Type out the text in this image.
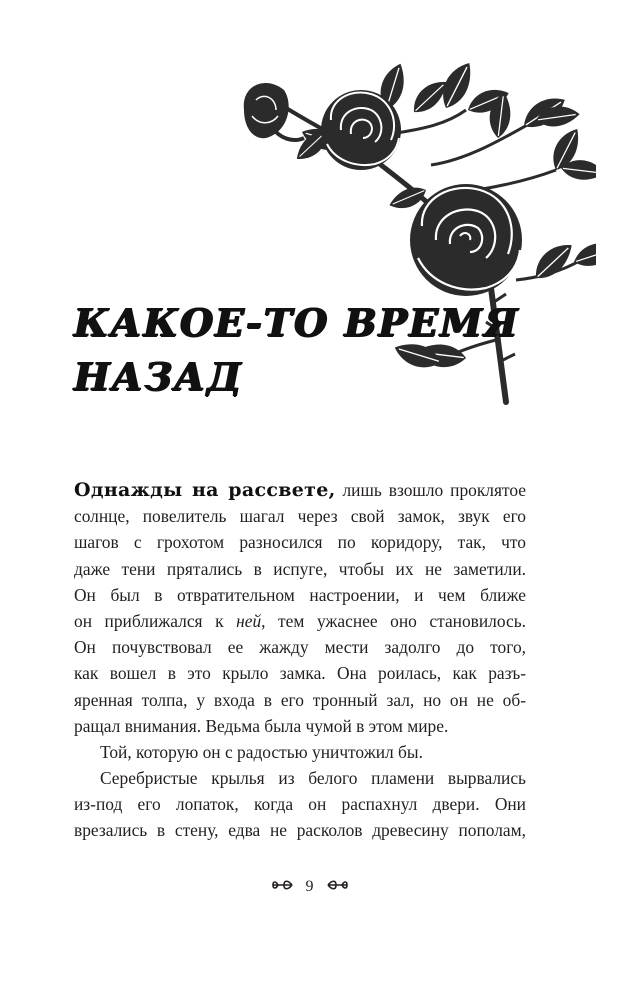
КАКОЕ-ТО ВРЕМЯ
НАЗАД
Однажды на рассвете, лишь взошло проклятое
солнце, повелитель шагал через свой замок, звук его
шагов с грохотом разносился по коридору, так, что
даже тени прятались в испуге, чтобы их не заметили.
Он был в отвратительном настроении, и чем ближе
он приближался к ней, тем ужаснее оно становилось.
Он почувствовал ее жажду мести задолго до того,
как вошел в это крыло замка. Она роилась, как разъ-
яренная толпа, у входа в его тронный зал, но он не об-
ращал внимания. Ведьма была чумой в этом мире.
Той, которую он с радостью уничтожил бы.
Серебристые крылья из белого пламени вырвались
из-под его лопаток, когда он распахнул двери. Они
врезались в стену, едва не расколов древесину пополам,
9
